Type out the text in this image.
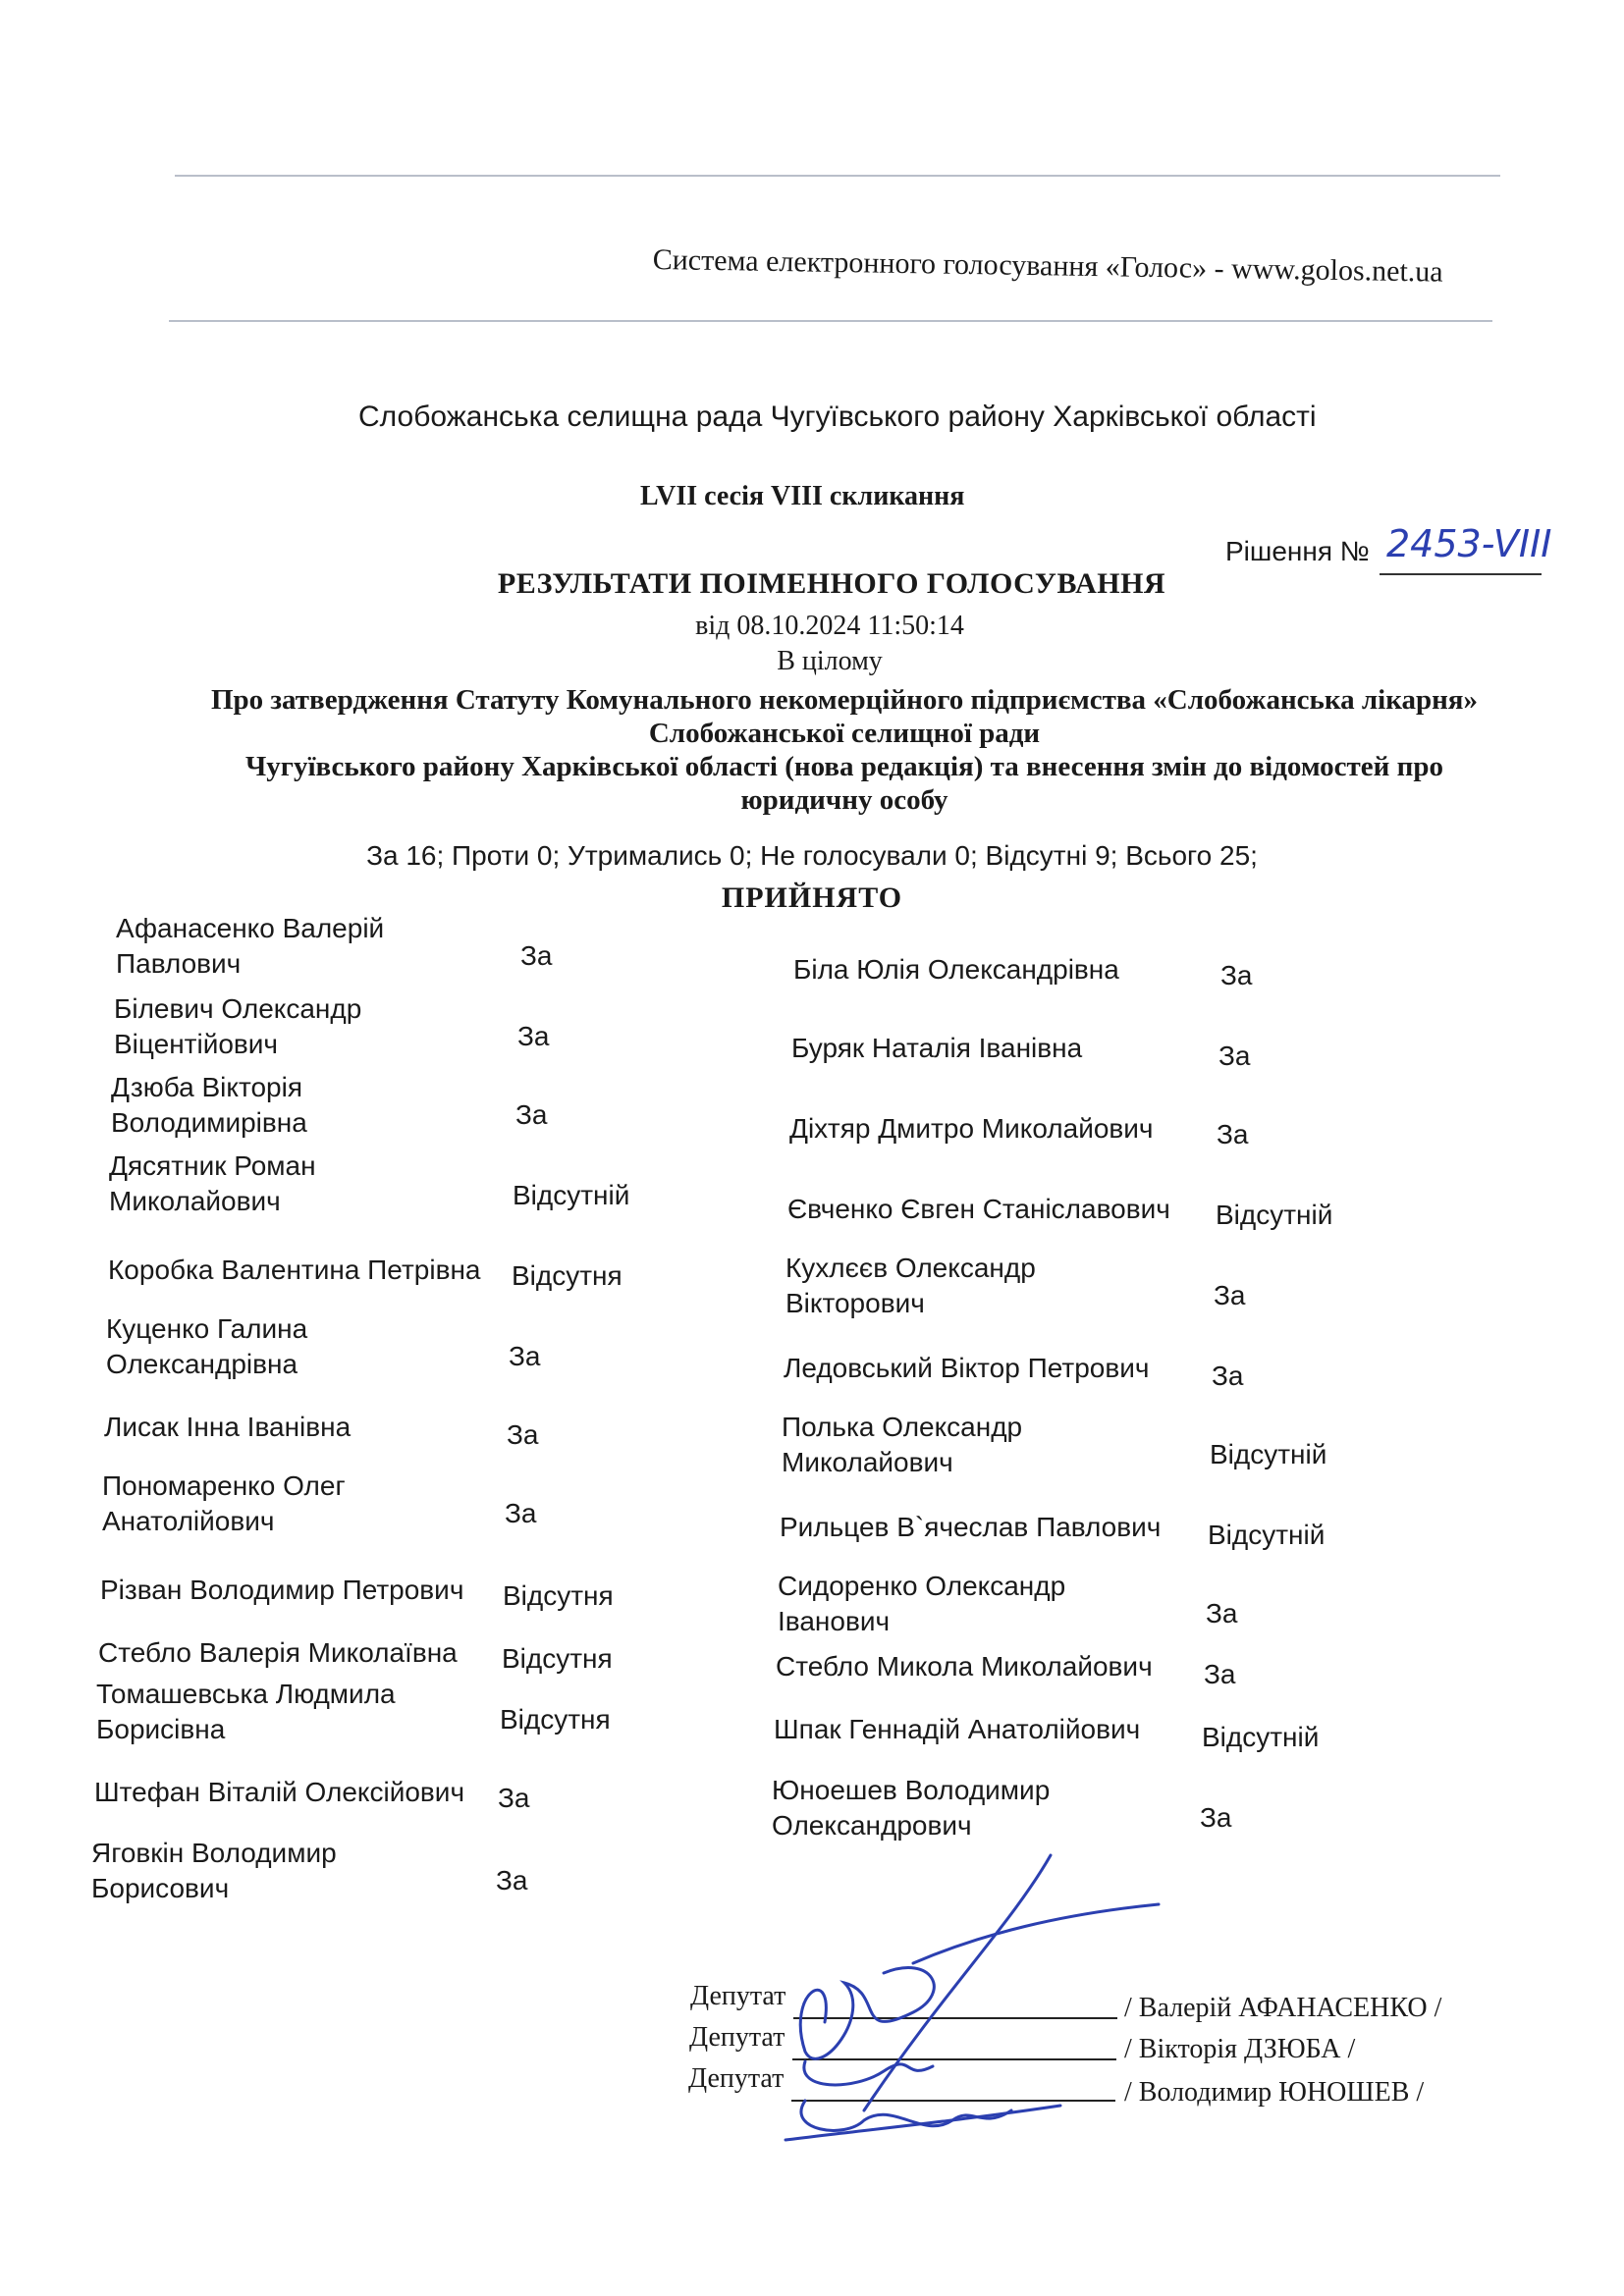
Система електронного голосування «Голос» - www.golos.net.ua
Слобожанська селищна рада Чугуївського району Харківської області
LVII сесія VIII скликання
Рішення № 2453-VIII
РЕЗУЛЬТАТИ ПОІМЕННОГО ГОЛОСУВАННЯ
від 08.10.2024 11:50:14
В цілому
Про затвердження Статуту Комунального некомерційного підприємства «Слобожанська лікарня»
Слобожанської селищної ради
Чугуївського району Харківської області (нова редакція) та внесення змін до відомостей про
юридичну особу
За 16; Проти 0; Утримались 0; Не голосували 0; Відсутні 9; Всього 25;
ПРИЙНЯТО
Афанасенко Валерій Павлович	За
Білевич Олександр Віцентійович	За
Дзюба Вікторія Володимирівна	За
Дясятник Роман Миколайович	Відсутній
Коробка Валентина Петрівна	Відсутня
Куценко Галина Олександрівна	За
Лисак Інна Іванівна	За
Пономаренко Олег Анатолійович	За
Різван Володимир Петрович	Відсутня
Стебло Валерія Миколаївна	Відсутня
Томашевська Людмила Борисівна	Відсутня
Штефан Віталій Олексійович	За
Яговкін Володимир Борисович	За
Біла Юлія Олександрівна	За
Буряк Наталія Іванівна	За
Діхтяр Дмитро Миколайович	За
Євченко Євген Станіславович	Відсутній
Кухлєєв Олександр Вікторович	За
Ледовський Віктор Петрович	За
Полька Олександр Миколайович	Відсутній
Рильцев В`ячеслав Павлович	Відсутній
Сидоренко Олександр Іванович	За
Стебло Микола Миколайович	За
Шпак Геннадій Анатолійович	Відсутній
Юноешев Володимир Олександрович	За
Депутат	/ Валерій АФАНАСЕНКО /
Депутат	/ Вікторія ДЗЮБА /
Депутат	/ Володимир ЮНОШЕВ /
